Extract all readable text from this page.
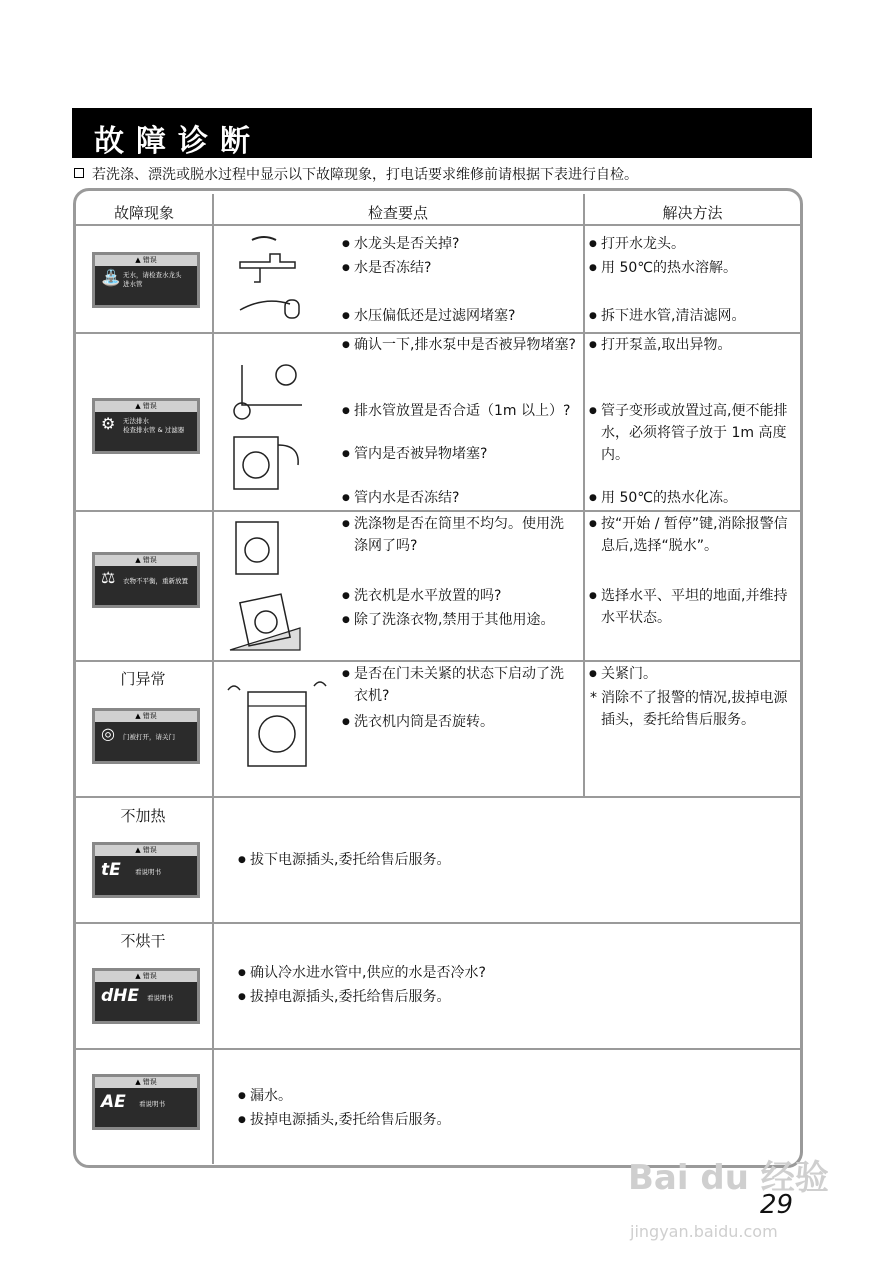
故障诊断
若洗涤、漂洗或脱水过程中显示以下故障现象，打电话要求维修前请根据下表进行自检。
故障现象	检查要点	解决方法
▲ 错误
⛲ 无水，请检查水龙头
进水管
● 水龙头是否关掉?
● 水是否冻结?
● 水压偏低还是过滤网堵塞?
● 打开水龙头。
● 用 50℃的热水溶解。
● 拆下进水管,清洁滤网。
▲ 错误
⚙ 无法排水
检查排水管 & 过滤器
● 确认一下,排水泵中是否被异物堵塞?
● 排水管放置是否合适（1m 以上）?
● 管内是否被异物堵塞?
● 管内水是否冻结?
● 打开泵盖,取出异物。
● 管子变形或放置过高,便不能排水，必须将管子放于 1m 高度内。
● 用 50℃的热水化冻。
▲ 错误
⚖ 衣物不平衡，重新放置
● 洗涤物是否在筒里不均匀。使用洗涤网了吗?
● 洗衣机是水平放置的吗?
● 除了洗涤衣物,禁用于其他用途。
● 按“开始 / 暂停”键,消除报警信息后,选择“脱水”。
● 选择水平、平坦的地面,并维持水平状态。
门异常
▲ 错误
◎ 门被打开，请关门
● 是否在门未关紧的状态下启动了洗衣机?
● 洗衣机内筒是否旋转。
● 关紧门。
* 消除不了报警的情况,拔掉电源插头，委托给售后服务。
不加热
▲ 错误
tE 看说明书
● 拔下电源插头,委托给售后服务。
不烘干
▲ 错误
dHE 看说明书
● 确认冷水进水管中,供应的水是否冷水?
● 拔掉电源插头,委托给售后服务。
▲ 错误
AE 看说明书
●	漏水。
● 拔掉电源插头,委托给售后服务。
Bai du 经验
jingyan.baidu.com
29
